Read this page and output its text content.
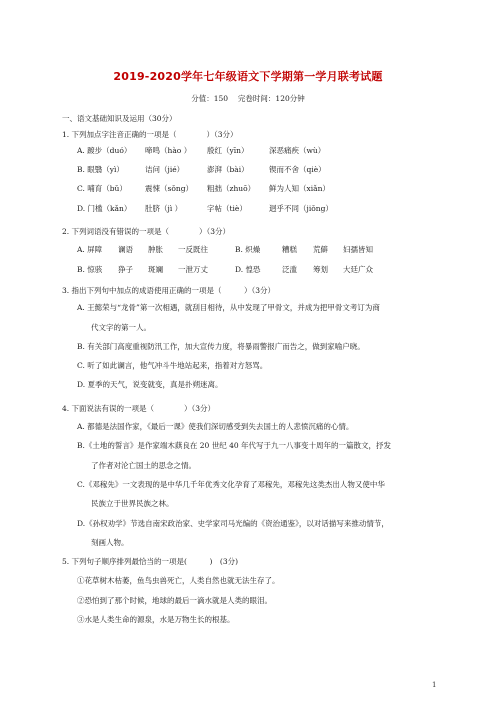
2019-2020学年七年级语文下学期第一学月联考试题
分值：150　 完卷时间：120分钟
一、语文基础知识及运用（30分）
1. 下列加点字注音正确的一项是（　　　　）（3分）
A. 踱步（duó） 啼鸣（hào ） 殷红（yīn）	深恶痛疾（wù）
B. 眼翳（yì）	诘问（jié）	澎湃（bài）	锲而不舍（qiè）
C. 哺育（bǔ） 震悚（sǒng） 粗拙（zhuō） 鲜为人知（xiǎn）
D. 门槛（kǎn） 肚脐（jì ）	字帖（tiè）	迥乎不同（jiǒng）
2. 下列词语没有错误的一项是（　　　　）（3分）
A. 屏障 谰语 肿胀 一反既往	B. 炽燥	糟糕 荒僻 妇孺皆知
B. 惊骇 狰子 斑斓 一泄万丈	D. 惶恐	泛滥 筹划 大廷广众
3. 指出下列句中加点的成语使用正确的一项是（　　　）（3分）
A. 王懿荣与“龙骨”第一次相遇，就刮目相待，从中发现了甲骨文，并成为把甲骨文考订为商
代文字的第一人。
B. 有关部门高度重视防汛工作，加大宣传力度，将暴雨警报广而告之，做到家喻户晓。
C. 听了如此谰言，他气冲斗牛地站起来，指着对方怒骂。
D. 夏季的天气，说变就变，真是扑朔迷离。
4. 下面说法有误的一项是（　　　　）（3分）
A. 都德是法国作家，《最后一课》使我们深切感受到失去国土的人悲愤沉痛的心情。
B.《土地的誓言》是作家端木蕻良在 20 世纪 40 年代写于九一八事变十周年的一篇散文，抒发
了作者对沦亡国土的思念之情。
C.《邓稼先》一文表现的是中华几千年优秀文化孕育了邓稼先，邓稼先这类杰出人物又使中华
民族立于世界民族之林。
D.《孙权劝学》节选自南宋政治家、史学家司马光编的《资治通鉴》，以对话描写来推动情节，
刻画人物。
5. 下列句子顺序排列最恰当的一项是(　　　)　(3分)
①花草树木枯萎，鱼鸟虫兽死亡，人类自然也就无法生存了。
②恐怕到了那个时候，地球的最后一滴水就是人类的眼泪。
③水是人类生命的源泉，水是万物生长的根基。
1
